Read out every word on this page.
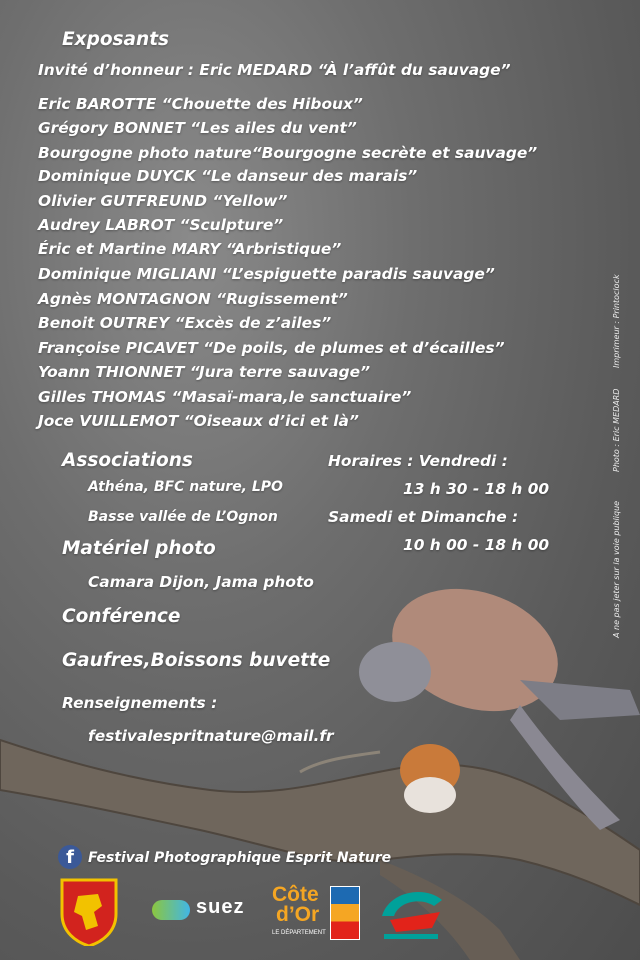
Exposants
Invité d’honneur : Eric MEDARD “À l’affût du sauvage”
Eric BAROTTE “Chouette des Hiboux”
Grégory BONNET “Les ailes du vent”
Bourgogne photo nature“Bourgogne secrète et sauvage”
Dominique DUYCK “Le danseur des marais”
Olivier GUTFREUND “Yellow”
Audrey LABROT “Sculpture”
Éric et Martine MARY “Arbristique”
Dominique MIGLIANI “L’espiguette paradis sauvage”
Agnès MONTAGNON “Rugissement”
Benoit OUTREY “Excès de z’ailes”
Françoise PICAVET “De poils, de plumes et d’écailles”
Yoann THIONNET “Jura terre sauvage”
Gilles THOMAS “Masaï-mara,le sanctuaire”
Joce VUILLEMOT “Oiseaux d’ici et là”
Associations
Athéna, BFC nature, LPO
Basse vallée de L’Ognon
Horaires : Vendredi :
13 h 30 - 18 h 00
Samedi et Dimanche :
10 h 00 - 18 h 00
Matériel photo
Camara Dijon, Jama photo
Conférence
Gaufres,Boissons buvette
Renseignements :
festivalespritnature@mail.fr
Imprimeur : Printoclock
Photo : Eric MEDARD
A ne pas jeter sur la voie publique
f	Festival Photographique Esprit Nature
suez
Côte
d’Or
LE DÉPARTEMENT
